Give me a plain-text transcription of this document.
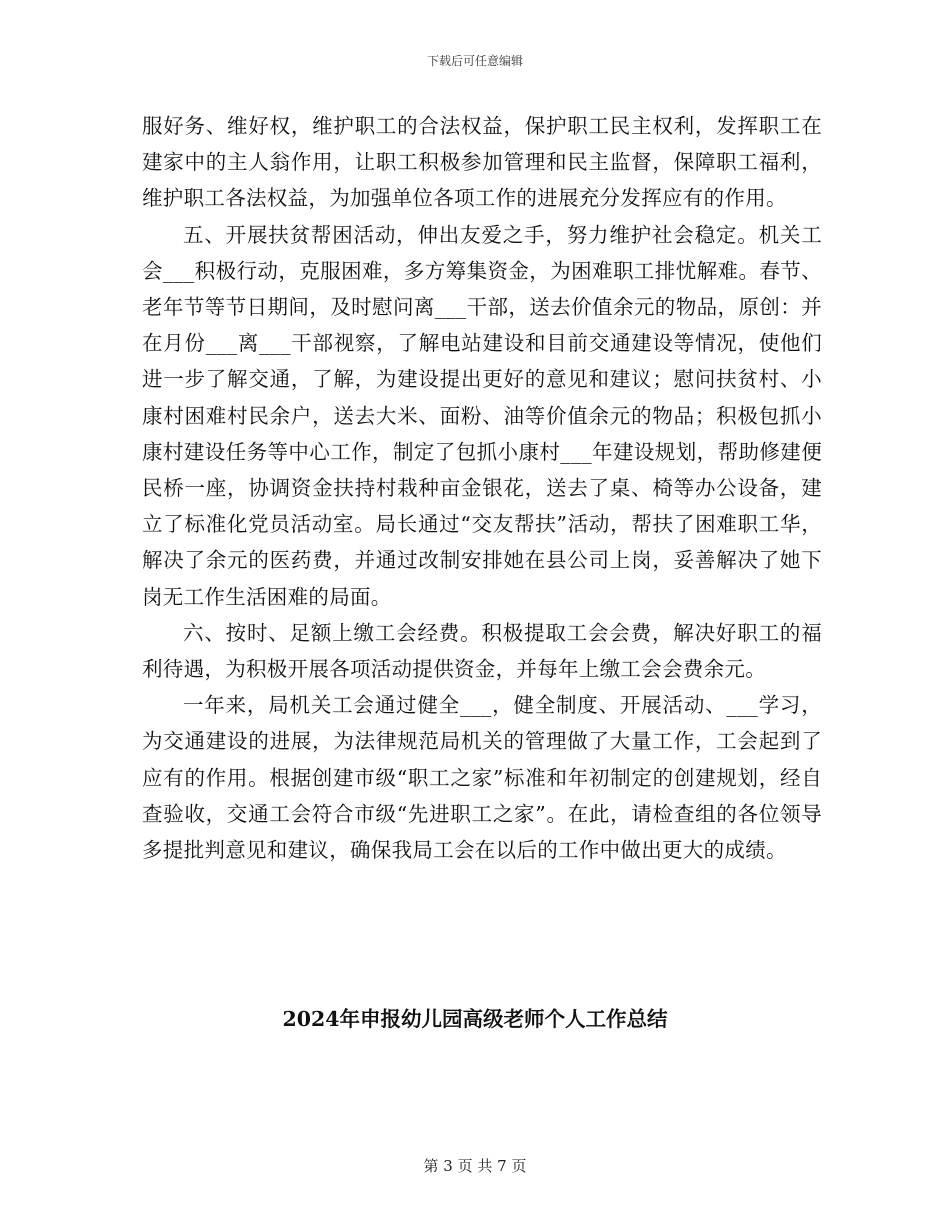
下载后可任意编辑

服好务、维好权，维护职工的合法权益，保护职工民主权利，发挥职工在建家中的主人翁作用，让职工积极参加管理和民主监督，保障职工福利，维护职工各法权益，为加强单位各项工作的进展充分发挥应有的作用。

五、开展扶贫帮困活动，伸出友爱之手，努力维护社会稳定。机关工会___积极行动，克服困难，多方筹集资金，为困难职工排忧解难。春节、老年节等节日期间，及时慰问离___干部，送去价值余元的物品，原创：并在月份___离___干部视察，了解电站建设和目前交通建设等情况，使他们进一步了解交通，了解，为建设提出更好的意见和建议；慰问扶贫村、小康村困难村民余户，送去大米、面粉、油等价值余元的物品；积极包抓小康村建设任务等中心工作，制定了包抓小康村___年建设规划，帮助修建便民桥一座，协调资金扶持村栽种亩金银花，送去了桌、椅等办公设备，建立了标准化党员活动室。局长通过“交友帮扶”活动，帮扶了困难职工华，解决了余元的医药费，并通过改制安排她在县公司上岗，妥善解决了她下岗无工作生活困难的局面。

六、按时、足额上缴工会经费。积极提取工会会费，解决好职工的福利待遇，为积极开展各项活动提供资金，并每年上缴工会会费余元。

一年来，局机关工会通过健全___，健全制度、开展活动、___学习，为交通建设的进展，为法律规范局机关的管理做了大量工作，工会起到了应有的作用。根据创建市级“职工之家”标准和年初制定的创建规划，经自查验收，交通工会符合市级“先进职工之家”。在此，请检查组的各位领导多提批判意见和建议，确保我局工会在以后的工作中做出更大的成绩。

2024年申报幼儿园高级老师个人工作总结
第 3 页 共 7 页
